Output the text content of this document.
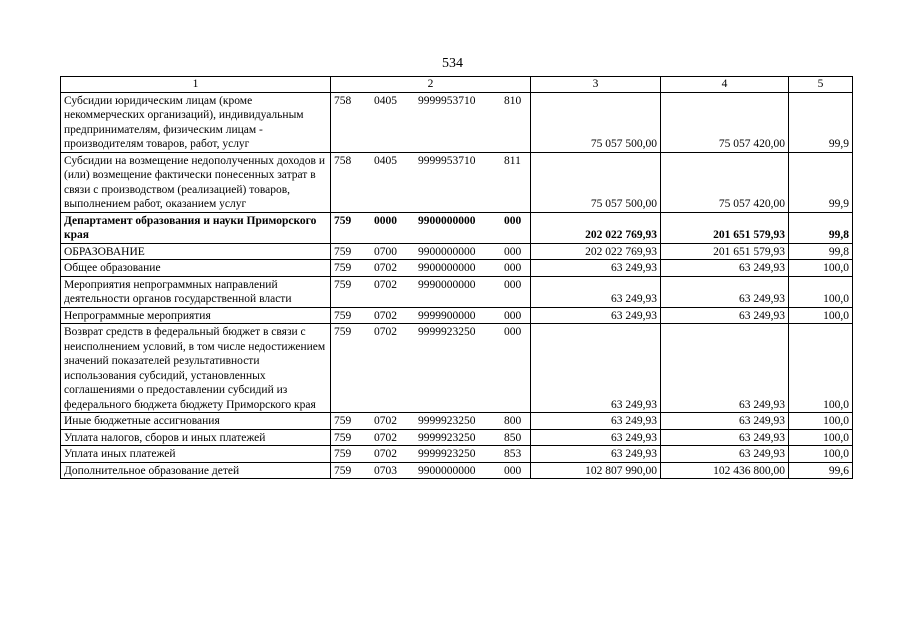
534
1	2	3	4	5
Субсидии юридическим лицам (кроме некоммерческих организаций), индивидуальным предпринимателям, физическим лицам - производителям товаров, работ, услуг	758 0405 9999953710 810	75 057 500,00	75 057 420,00	99,9
Субсидии на возмещение недополученных доходов и (или) возмещение фактически понесенных затрат в связи с производством (реализацией) товаров, выполнением работ, оказанием услуг	758 0405 9999953710 811	75 057 500,00	75 057 420,00	99,9
Департамент образования и науки Приморского края	759 0000 9900000000 000	202 022 769,93	201 651 579,93	99,8
ОБРАЗОВАНИЕ	759 0700 9900000000 000	202 022 769,93	201 651 579,93	99,8
Общее образование	759 0702 9900000000 000	63 249,93	63 249,93	100,0
Мероприятия непрограммных направлений деятельности органов государственной власти	759 0702 9990000000 000	63 249,93	63 249,93	100,0
Непрограммные мероприятия	759 0702 9999900000 000	63 249,93	63 249,93	100,0
Возврат средств в федеральный бюджет в связи с неисполнением условий, в том числе недостижением значений показателей результативности использования субсидий, установленных соглашениями о предоставлении субсидий из федерального бюджета бюджету Приморского края	759 0702 9999923250 000	63 249,93	63 249,93	100,0
Иные бюджетные ассигнования	759 0702 9999923250 800	63 249,93	63 249,93	100,0
Уплата налогов, сборов и иных платежей	759 0702 9999923250 850	63 249,93	63 249,93	100,0
Уплата иных платежей	759 0702 9999923250 853	63 249,93	63 249,93	100,0
Дополнительное образование детей	759 0703 9900000000 000	102 807 990,00	102 436 800,00	99,6
